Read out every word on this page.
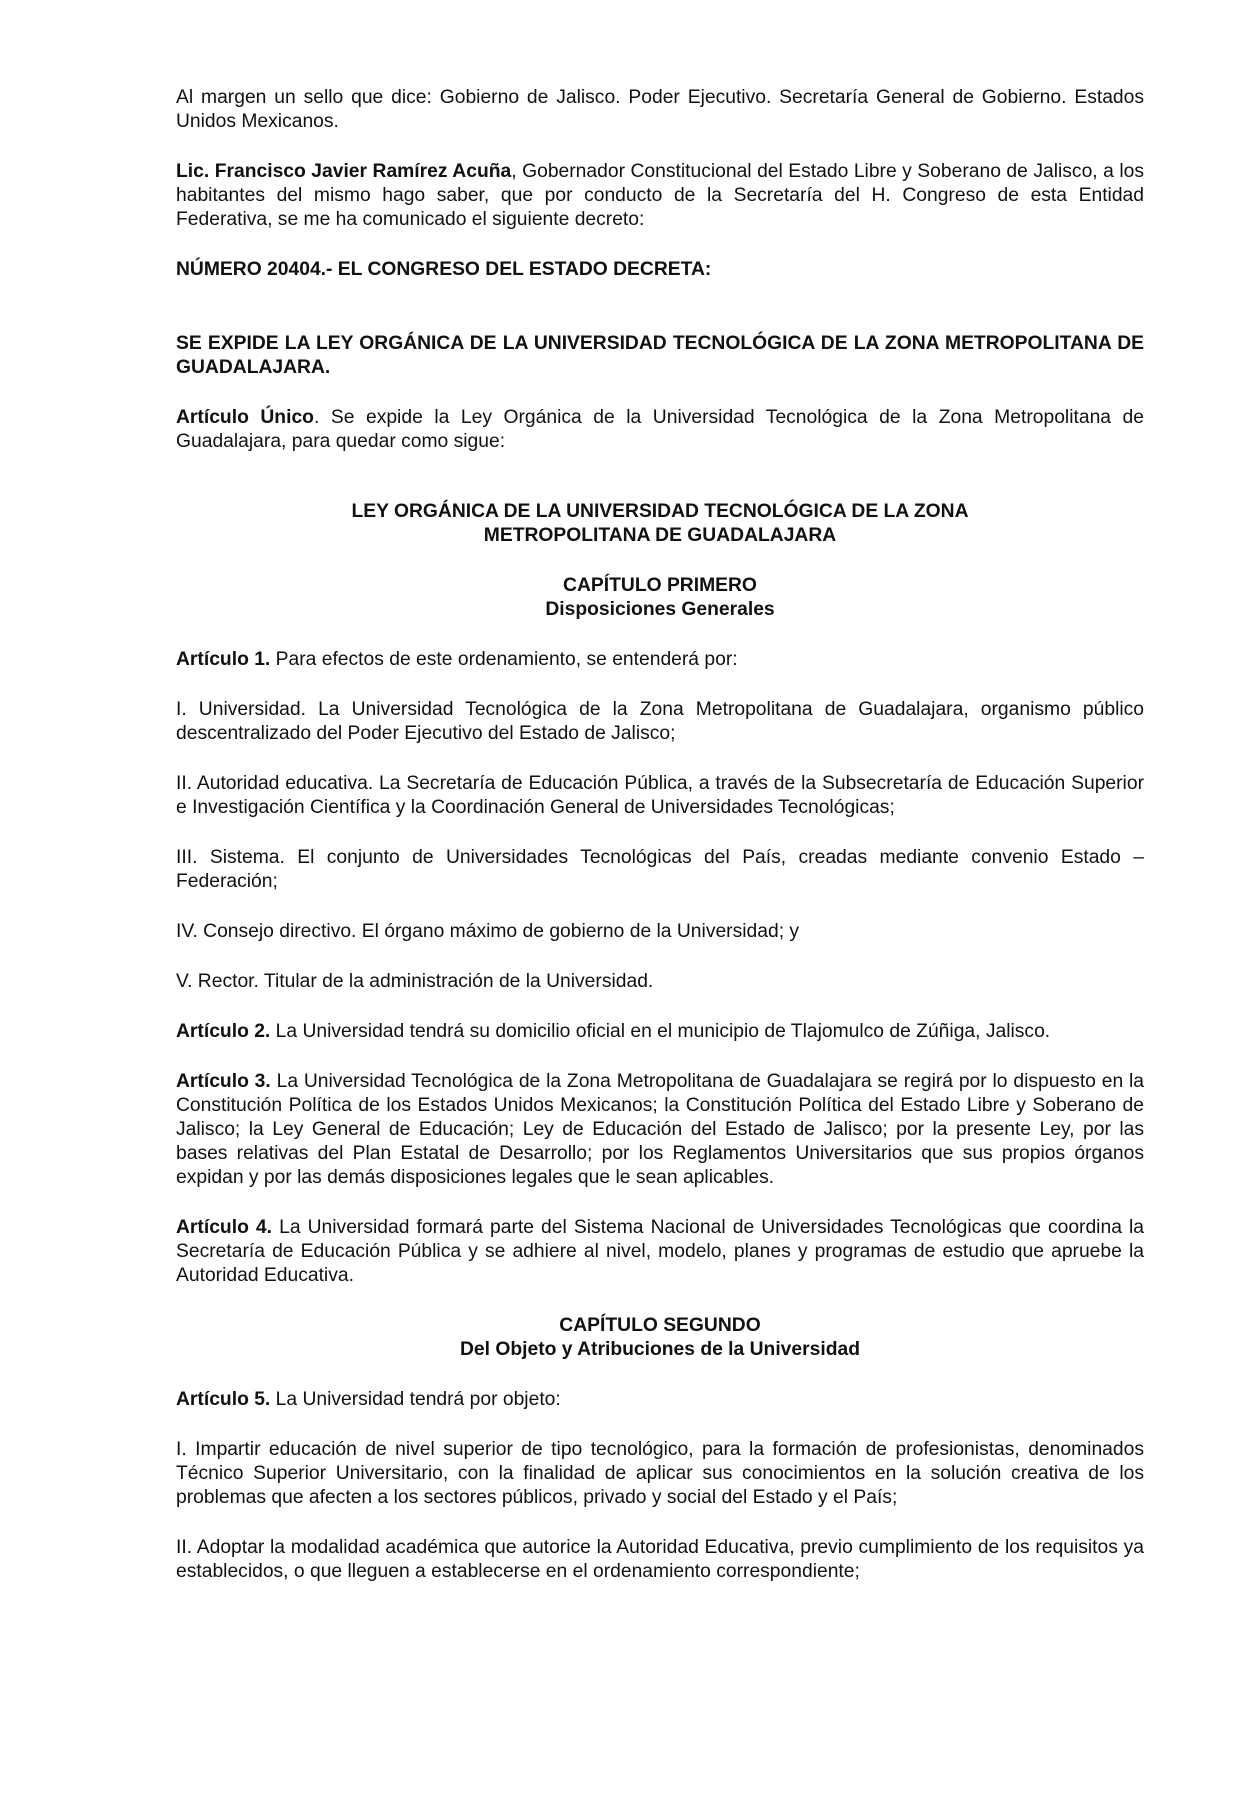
Al margen un sello que dice: Gobierno de Jalisco. Poder Ejecutivo. Secretaría General de Gobierno. Estados Unidos Mexicanos.

Lic. Francisco Javier Ramírez Acuña, Gobernador Constitucional del Estado Libre y Soberano de Jalisco, a los habitantes del mismo hago saber, que por conducto de la Secretaría del H. Congreso de esta Entidad Federativa, se me ha comunicado el siguiente decreto:

NÚMERO 20404.- EL CONGRESO DEL ESTADO DECRETA:

SE EXPIDE LA LEY ORGÁNICA DE LA UNIVERSIDAD TECNOLÓGICA DE LA ZONA METROPOLITANA DE GUADALAJARA.

Artículo Único. Se expide la Ley Orgánica de la Universidad Tecnológica de la Zona Metropolitana de Guadalajara, para quedar como sigue:

LEY ORGÁNICA DE LA UNIVERSIDAD TECNOLÓGICA DE LA ZONA

METROPOLITANA DE GUADALAJARA

CAPÍTULO PRIMERO

Disposiciones Generales

Artículo 1. Para efectos de este ordenamiento, se entenderá por:

I. Universidad. La Universidad Tecnológica de la Zona Metropolitana de Guadalajara, organismo público descentralizado del Poder Ejecutivo del Estado de Jalisco;

II. Autoridad educativa. La Secretaría de Educación Pública, a través de la Subsecretaría de Educación Superior e Investigación Científica y la Coordinación General de Universidades Tecnológicas;

III. Sistema. El conjunto de Universidades Tecnológicas del País, creadas mediante convenio Estado – Federación;

IV. Consejo directivo. El órgano máximo de gobierno de la Universidad; y

V. Rector. Titular de la administración de la Universidad.

Artículo 2. La Universidad tendrá su domicilio oficial en el municipio de Tlajomulco de Zúñiga, Jalisco.

Artículo 3. La Universidad Tecnológica de la Zona Metropolitana de Guadalajara se regirá por lo dispuesto en la Constitución Política de los Estados Unidos Mexicanos; la Constitución Política del Estado Libre y Soberano de Jalisco; la Ley General de Educación; Ley de Educación del Estado de Jalisco; por la presente Ley, por las bases relativas del Plan Estatal de Desarrollo; por los Reglamentos Universitarios que sus propios órganos expidan y por las demás disposiciones legales que le sean aplicables.

Artículo 4. La Universidad formará parte del Sistema Nacional de Universidades Tecnológicas que coordina la Secretaría de Educación Pública y se adhiere al nivel, modelo, planes y programas de estudio que apruebe la Autoridad Educativa.

CAPÍTULO SEGUNDO

Del Objeto y Atribuciones de la Universidad

Artículo 5. La Universidad tendrá por objeto:

I. Impartir educación de nivel superior de tipo tecnológico, para la formación de profesionistas, denominados Técnico Superior Universitario, con la finalidad de aplicar sus conocimientos en la solución creativa de los problemas que afecten a los sectores públicos, privado y social del Estado y el País;

II. Adoptar la modalidad académica que autorice la Autoridad Educativa, previo cumplimiento de los requisitos ya establecidos, o que lleguen a establecerse en el ordenamiento correspondiente;
